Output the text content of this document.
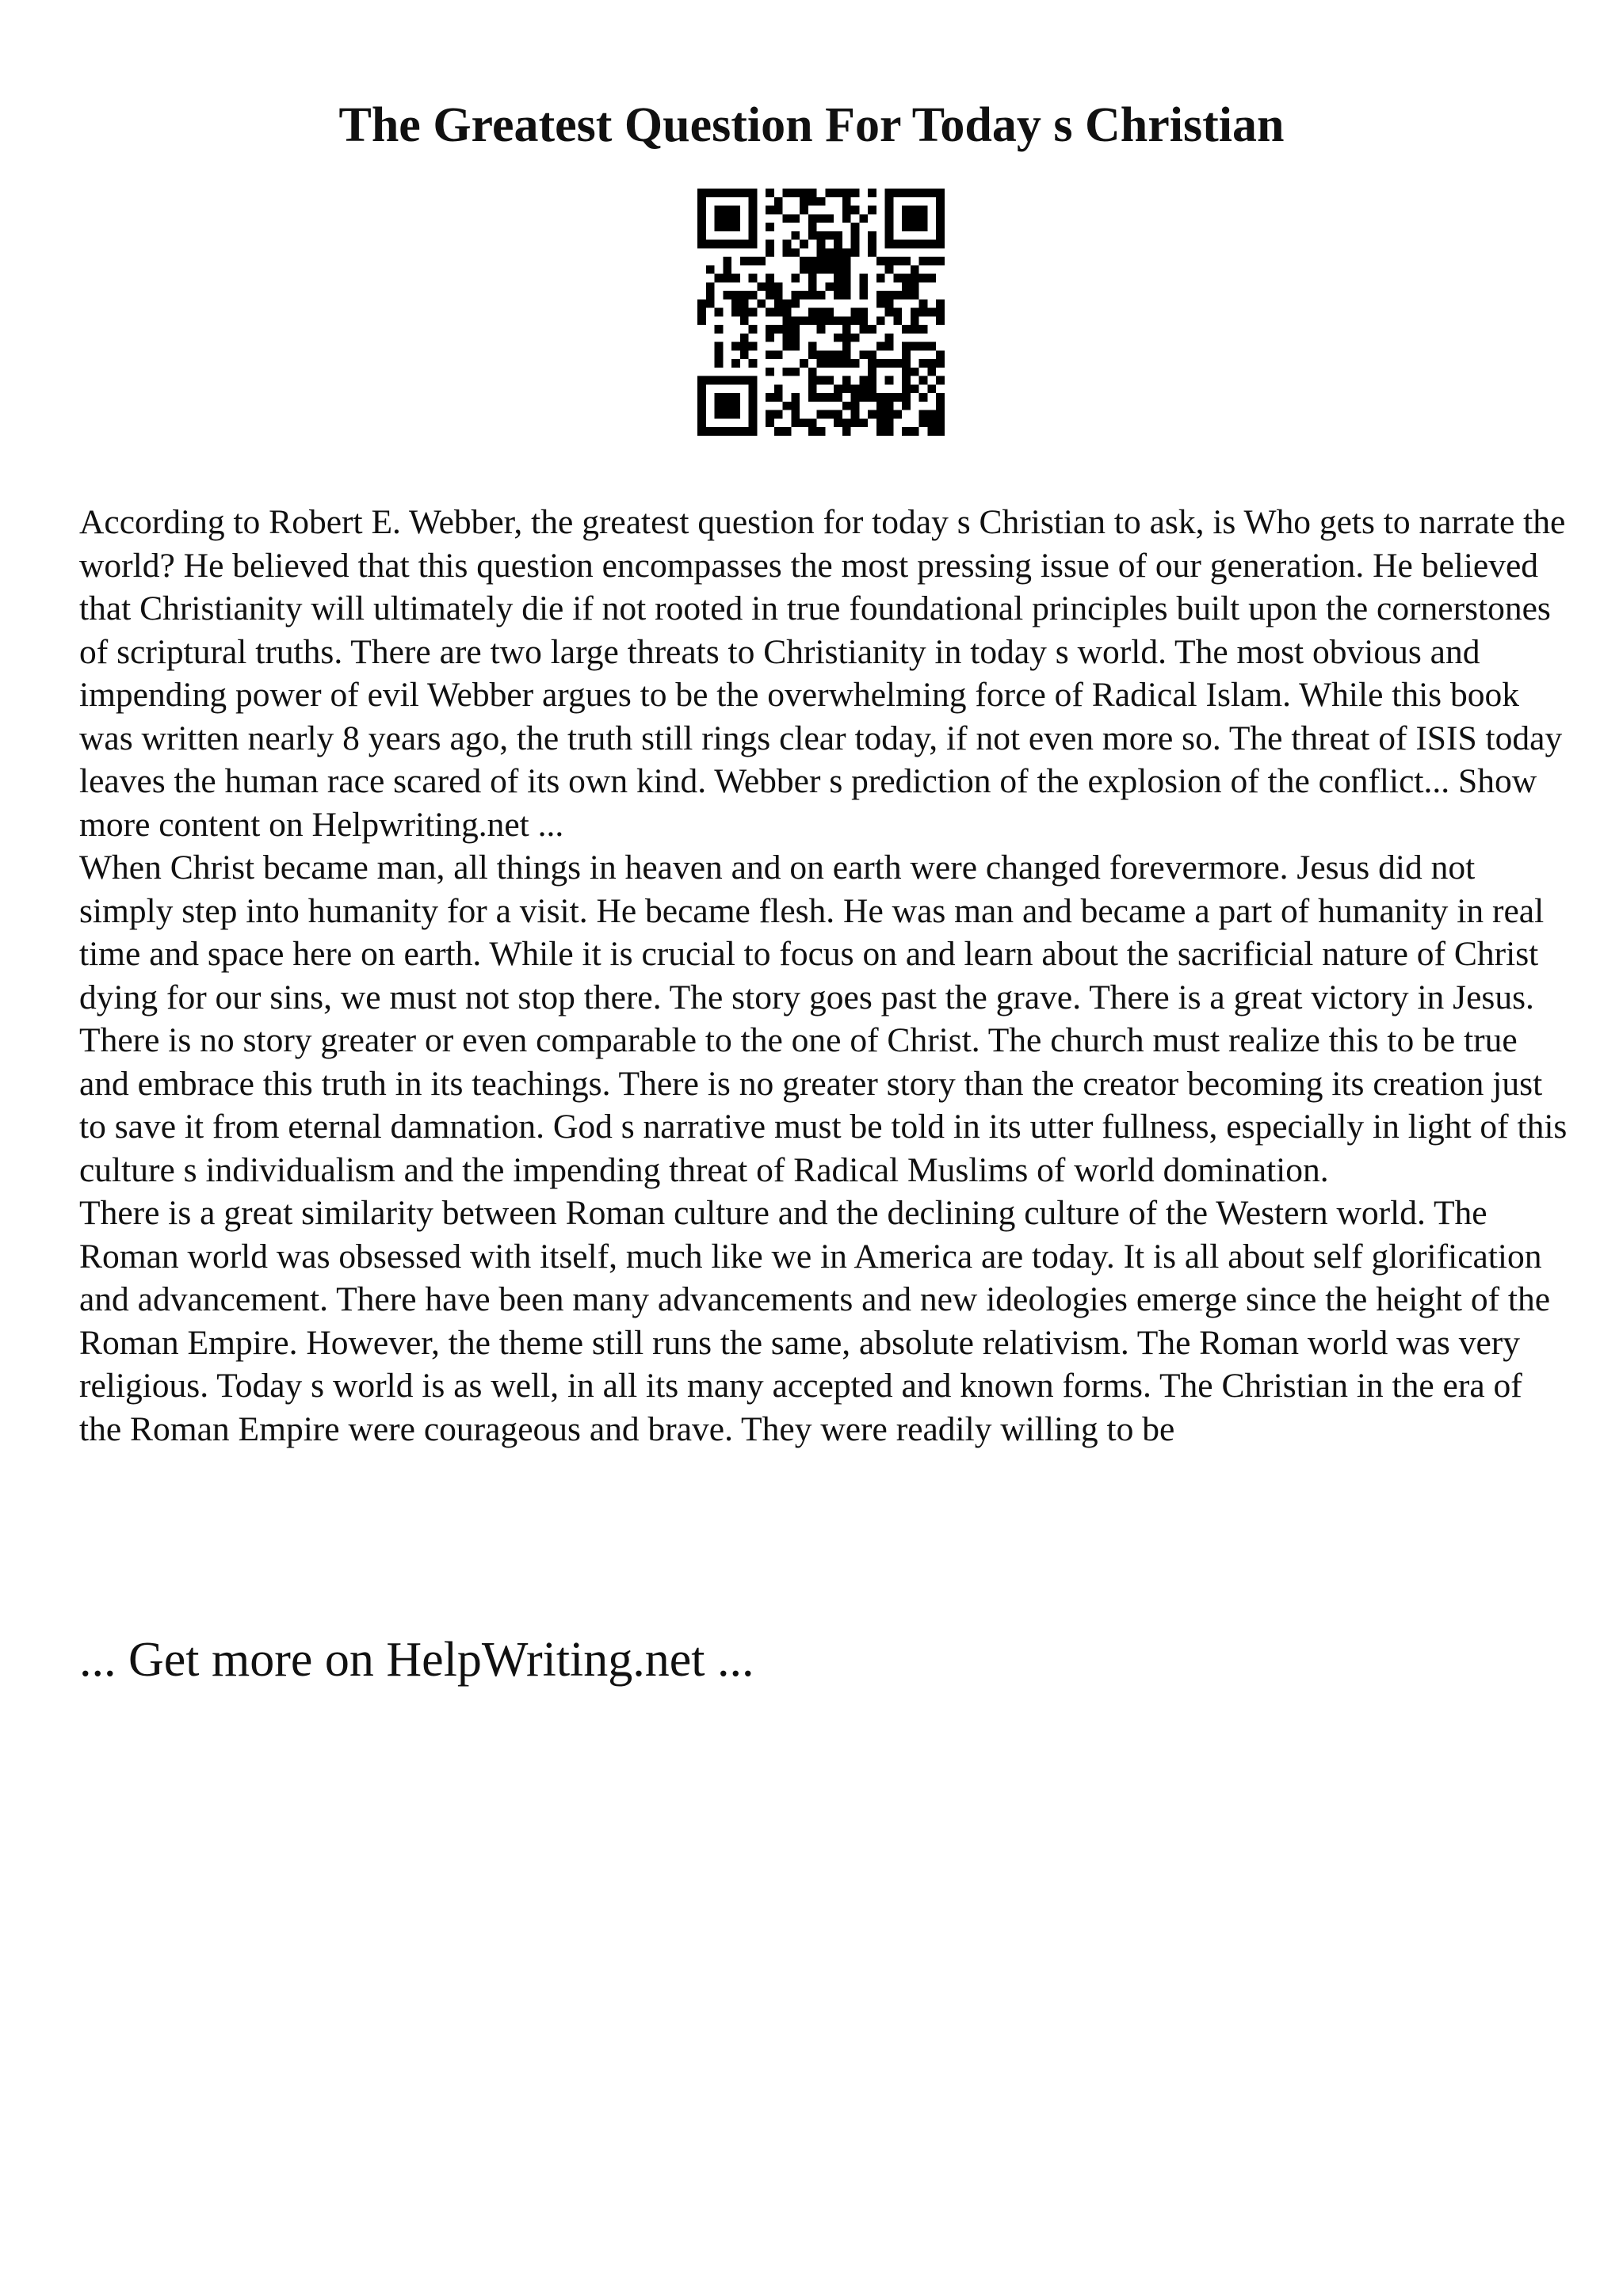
The Greatest Question For Today s Christian

According to Robert E. Webber, the greatest question for today s Christian to ask, is Who gets to narrate the world? He believed that this question encompasses the most pressing issue of our generation. He believed that Christianity will ultimately die if not rooted in true foundational principles built upon the cornerstones of scriptural truths. There are two large threats to Christianity in today s world. The most obvious and impending power of evil Webber argues to be the overwhelming force of Radical Islam. While this book was written nearly 8 years ago, the truth still rings clear today, if not even more so. The threat of ISIS today leaves the human race scared of its own kind. Webber s prediction of the explosion of the conflict... Show more content on Helpwriting.net ...

When Christ became man, all things in heaven and on earth were changed forevermore. Jesus did not simply step into humanity for a visit. He became flesh. He was man and became a part of humanity in real time and space here on earth. While it is crucial to focus on and learn about the sacrificial nature of Christ dying for our sins, we must not stop there. The story goes past the grave. There is a great victory in Jesus. There is no story greater or even comparable to the one of Christ. The church must realize this to be true and embrace this truth in its teachings. There is no greater story than the creator becoming its creation just to save it from eternal damnation. God s narrative must be told in its utter fullness, especially in light of this culture s individualism and the impending threat of Radical Muslims of world domination.

There is a great similarity between Roman culture and the declining culture of the Western world. The Roman world was obsessed with itself, much like we in America are today. It is all about self glorification and advancement. There have been many advancements and new ideologies emerge since the height of the Roman Empire. However, the theme still runs the same, absolute relativism. The Roman world was very religious. Today s world is as well, in all its many accepted and known forms. The Christian in the era of the Roman Empire were courageous and brave. They were readily willing to be

... Get more on HelpWriting.net ...
